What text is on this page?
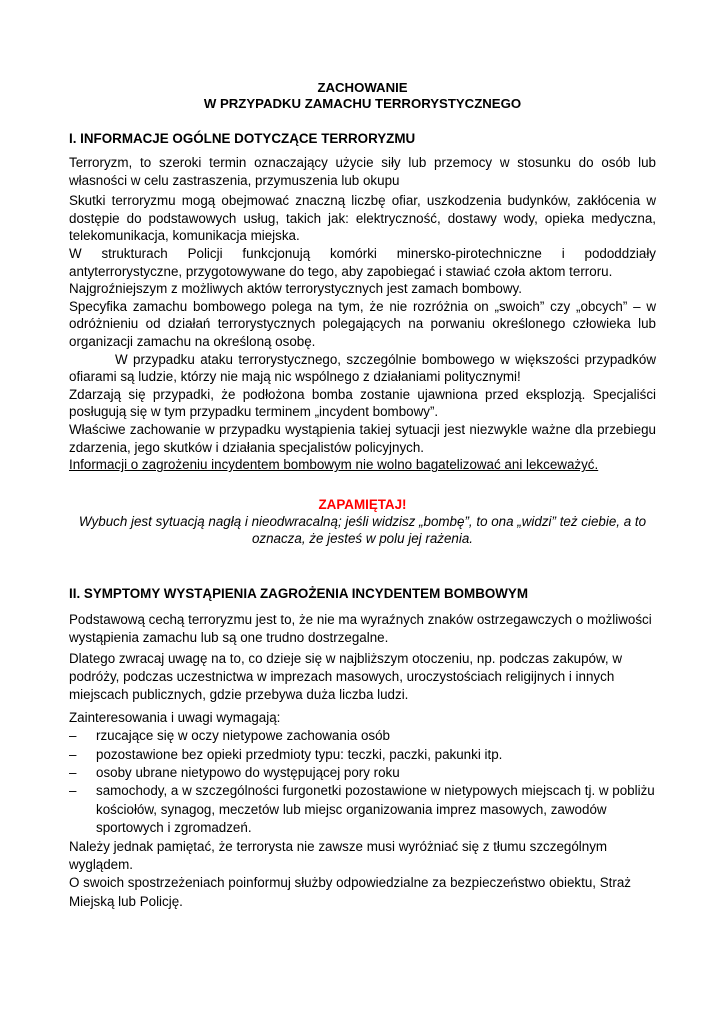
ZACHOWANIE

W PRZYPADKU ZAMACHU TERRORYSTYCZNEGO

I. INFORMACJE OGÓLNE DOTYCZĄCE TERRORYZMU

Terroryzm, to szeroki termin oznaczający użycie siły lub przemocy w stosunku do osób lub własności w celu zastraszenia, przymuszenia lub okupu

Skutki terroryzmu mogą obejmować znaczną liczbę ofiar, uszkodzenia budynków, zakłócenia w dostępie do podstawowych usług, takich jak: elektryczność, dostawy wody, opieka medyczna, telekomunikacja, komunikacja miejska.

W strukturach Policji funkcjonują komórki minersko-pirotechniczne i pododdziały antyterrorystyczne, przygotowywane do tego, aby zapobiegać i stawiać czoła aktom terroru.

Najgroźniejszym z możliwych aktów terrorystycznych jest zamach bombowy.

Specyfika zamachu bombowego polega na tym, że nie rozróżnia on „swoich” czy „obcych” – w odróżnieniu od działań terrorystycznych polegających na porwaniu określonego człowieka lub organizacji zamachu na określoną osobę.

W przypadku ataku terrorystycznego, szczególnie bombowego w większości przypadków ofiarami są ludzie, którzy nie mają nic wspólnego z działaniami politycznymi!

Zdarzają się przypadki, że podłożona bomba zostanie ujawniona przed eksplozją. Specjaliści posługują się w tym przypadku terminem „incydent bombowy”.

Właściwe zachowanie w przypadku wystąpienia takiej sytuacji jest niezwykle ważne dla przebiegu zdarzenia, jego skutków i działania specjalistów policyjnych.

Informacji o zagrożeniu incydentem bombowym nie wolno bagatelizować ani lekceważyć.

ZAPAMIĘTAJ!
Wybuch jest sytuacją nagłą i nieodwracalną; jeśli widzisz „bombę”, to ona „widzi” też ciebie, a to oznacza, że jesteś w polu jej rażenia.

II. SYMPTOMY WYSTĄPIENIA ZAGROŻENIA INCYDENTEM BOMBOWYM

Podstawową cechą terroryzmu jest to, że nie ma wyraźnych znaków ostrzegawczych o możliwości wystąpienia zamachu lub są one trudno dostrzegalne.

Dlatego zwracaj uwagę na to, co dzieje się w najbliższym otoczeniu, np. podczas zakupów, w podróży, podczas uczestnictwa w imprezach masowych, uroczystościach religijnych i innych miejscach publicznych, gdzie przebywa duża liczba ludzi.

Zainteresowania i uwagi wymagają:

– rzucające się w oczy nietypowe zachowania osób
– pozostawione bez opieki przedmioty typu: teczki, paczki, pakunki itp.
– osoby ubrane nietypowo do występującej pory roku
– samochody, a w szczególności furgonetki pozostawione w nietypowych miejscach tj. w pobliżu kościołów, synagog, meczetów lub miejsc organizowania imprez masowych, zawodów sportowych i zgromadzeń.

Należy jednak pamiętać, że terrorysta nie zawsze musi wyróżniać się z tłumu szczególnym wyglądem.

O swoich spostrzeżeniach poinformuj służby odpowiedzialne za bezpieczeństwo obiektu, Straż Miejską lub Policję.
